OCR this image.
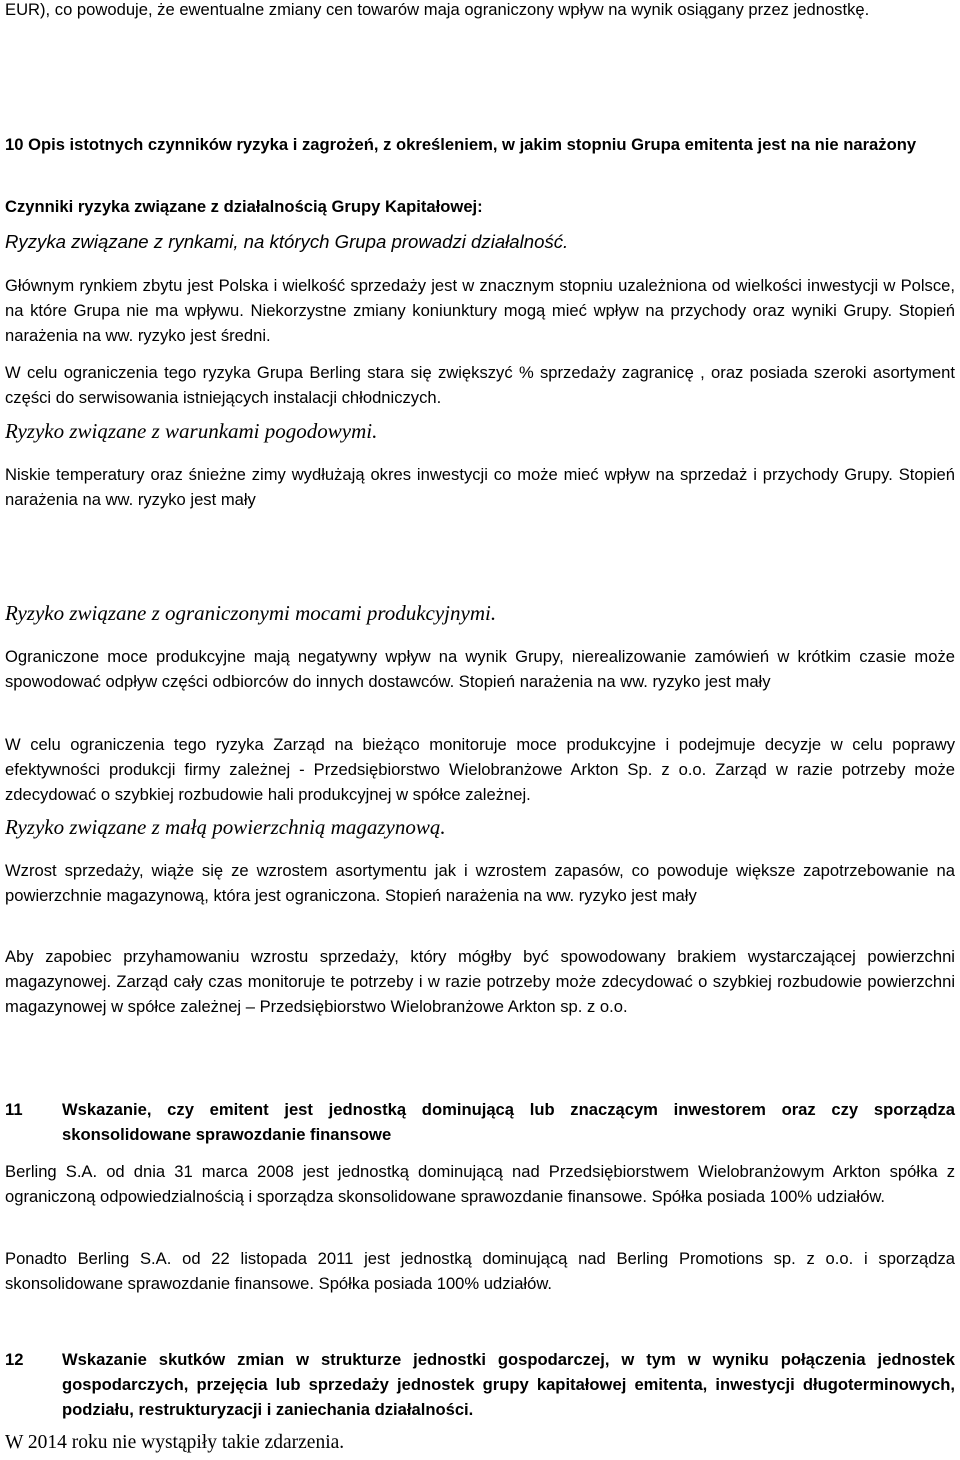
EUR), co powoduje, że ewentualne zmiany cen towarów maja ograniczony wpływ na wynik osiągany przez jednostkę.

10 Opis istotnych czynników ryzyka i zagrożeń, z określeniem, w jakim stopniu Grupa emitenta jest na nie narażony

Czynniki ryzyka związane z działalnością Grupy Kapitałowej:

Ryzyka związane z rynkami, na których Grupa prowadzi działalność.

Głównym rynkiem zbytu jest Polska i wielkość sprzedaży jest w znacznym stopniu uzależniona od wielkości inwestycji w Polsce, na które Grupa nie ma wpływu. Niekorzystne zmiany koniunktury mogą mieć wpływ na przychody oraz wyniki Grupy. Stopień narażenia na ww. ryzyko jest średni.

W celu ograniczenia tego ryzyka Grupa Berling stara się zwiększyć % sprzedaży zagranicę , oraz posiada szeroki asortyment części do serwisowania istniejących instalacji chłodniczych.

Ryzyko związane z warunkami pogodowymi.

Niskie temperatury oraz śnieżne zimy wydłużają okres inwestycji co może mieć wpływ na sprzedaż i przychody Grupy. Stopień narażenia na ww. ryzyko jest mały

Ryzyko związane z ograniczonymi mocami produkcyjnymi.

Ograniczone moce produkcyjne mają negatywny wpływ na wynik Grupy, nierealizowanie zamówień w krótkim czasie może spowodować odpływ części odbiorców do innych dostawców. Stopień narażenia na ww. ryzyko jest mały

W celu ograniczenia tego ryzyka Zarząd na bieżąco monitoruje moce produkcyjne i podejmuje decyzje w celu poprawy efektywności produkcji firmy zależnej - Przedsiębiorstwo Wielobranżowe Arkton Sp. z o.o. Zarząd w razie potrzeby może zdecydować o szybkiej rozbudowie hali produkcyjnej w spółce zależnej.

Ryzyko związane z małą powierzchnią magazynową.

Wzrost sprzedaży, wiąże się ze wzrostem asortymentu jak i wzrostem zapasów, co powoduje większe zapotrzebowanie na powierzchnie magazynową, która jest ograniczona. Stopień narażenia na ww. ryzyko jest mały

Aby zapobiec przyhamowaniu wzrostu sprzedaży, który mógłby być spowodowany brakiem wystarczającej powierzchni magazynowej. Zarząd cały czas monitoruje te potrzeby i w razie potrzeby może zdecydować o szybkiej rozbudowie powierzchni magazynowej w spółce zależnej – Przedsiębiorstwo Wielobranżowe Arkton sp. z o.o.

11	Wskazanie, czy emitent jest jednostką dominującą lub znaczącym inwestorem oraz czy sporządza skonsolidowane sprawozdanie finansowe

Berling S.A. od dnia 31 marca 2008 jest jednostką dominującą nad Przedsiębiorstwem Wielobranżowym Arkton spółka z ograniczoną odpowiedzialnością i sporządza skonsolidowane sprawozdanie finansowe. Spółka posiada 100% udziałów.

Ponadto Berling S.A. od 22 listopada 2011 jest jednostką dominującą nad Berling Promotions sp. z o.o. i sporządza skonsolidowane sprawozdanie finansowe. Spółka posiada 100% udziałów.

12	Wskazanie skutków zmian w strukturze jednostki gospodarczej, w tym w wyniku połączenia jednostek gospodarczych, przejęcia lub sprzedaży jednostek grupy kapitałowej emitenta, inwestycji długoterminowych, podziału, restrukturyzacji i zaniechania działalności.

W 2014 roku nie wystąpiły takie zdarzenia.
